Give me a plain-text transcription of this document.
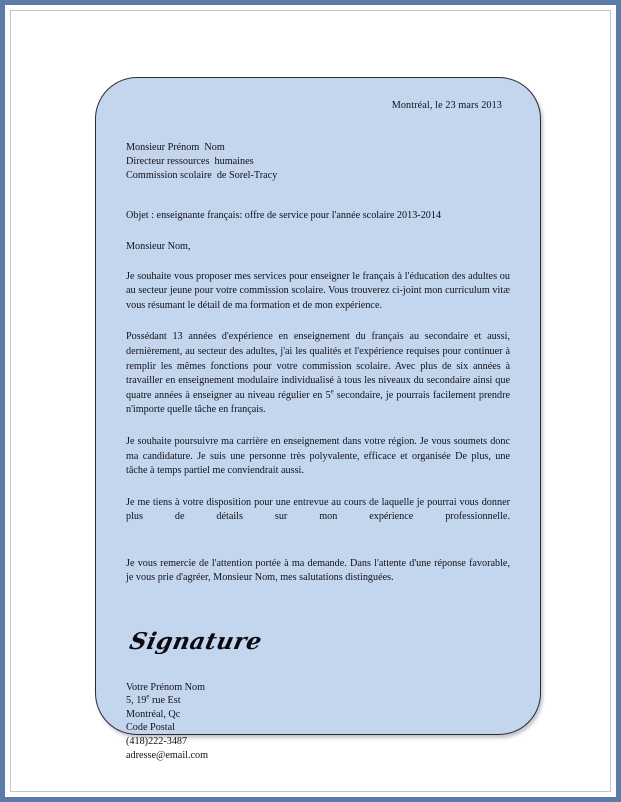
Montréal, le 23 mars 2013
Monsieur Prénom  Nom
Directeur ressources  humaines
Commission scolaire  de Sorel-Tracy
Objet : enseignante français: offre de service pour l'année scolaire 2013-2014
Monsieur Nom,

Je souhaite vous proposer mes services pour enseigner le français à l'éducation des adultes ou au secteur jeune pour votre commission scolaire. Vous trouverez ci-joint mon curriculum vitæ vous résumant le détail de ma formation et de mon expérience.

Possédant 13 années d'expérience en enseignement du français au secondaire et aussi, dernièrement, au secteur des adultes, j'ai les qualités et l'expérience requises pour continuer à remplir les mêmes fonctions pour votre commission scolaire. Avec plus de six années à travailler en enseignement modulaire individualisé à tous les niveaux du secondaire ainsi que quatre années à enseigner au niveau régulier en 5e secondaire, je pourrais facilement prendre n'importe quelle tâche en français.

Je souhaite poursuivre ma carrière en enseignement dans votre région. Je vous soumets donc ma candidature. Je suis une personne très polyvalente, efficace et organisée De plus, une tâche à temps partiel me conviendrait aussi.

Je me tiens à votre disposition pour une entrevue au cours de laquelle je pourrai vous donner plus de détails sur mon expérience professionnelle.

Je vous remercie de l'attention portée à ma demande. Dans l'attente d'une réponse favorable, je vous prie d'agréer, Monsieur Nom, mes salutations distinguées.

Signature
Votre Prénom Nom
5, 19e rue Est
Montréal, Qc
Code Postal
(418)222-3487
adresse@email.com
